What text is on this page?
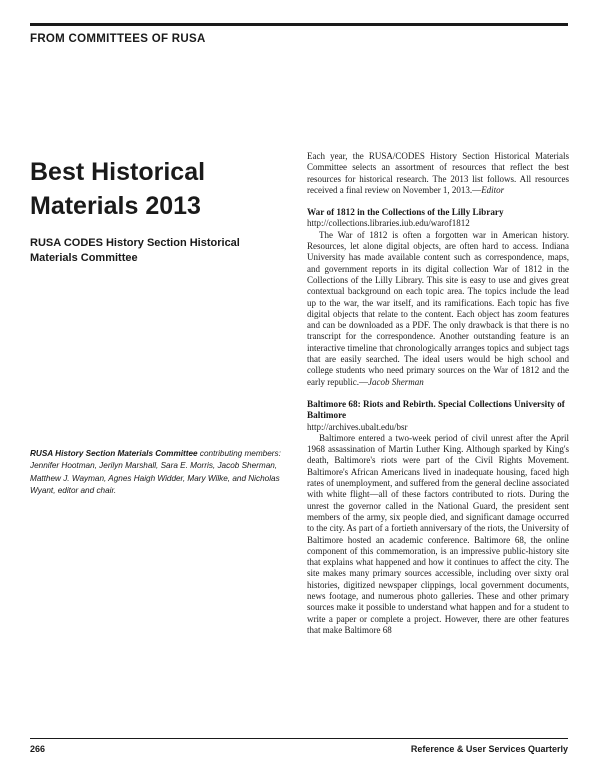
FROM COMMITTEES OF RUSA
Best Historical
Materials 2013
RUSA CODES History Section Historical
Materials Committee

RUSA History Section Materials Committee contributing members: Jennifer Hootman, Jerilyn Marshall, Sara E. Morris, Jacob Sherman, Matthew J. Wayman, Agnes Haigh Widder, Mary Wilke, and Nicholas Wyant, editor and chair.

Each year, the RUSA/CODES History Section Historical Materials Committee selects an assortment of resources that reflect the best resources for historical research. The 2013 list follows. All resources received a final review on November 1, 2013.—Editor

War of 1812 in the Collections of the Lilly Library

http://collections.libraries.iub.edu/warof1812

The War of 1812 is often a forgotten war in American history. Resources, let alone digital objects, are often hard to access. Indiana University has made available content such as correspondence, maps, and government reports in its digital collection War of 1812 in the Collections of the Lilly Library. This site is easy to use and gives great contextual background on each topic area. The topics include the lead up to the war, the war itself, and its ramifications. Each topic has five digital objects that relate to the content. Each object has zoom features and can be downloaded as a PDF. The only drawback is that there is no transcript for the correspondence. Another outstanding feature is an interactive timeline that chronologically arranges topics and subject tags that are easily searched. The ideal users would be high school and college students who need primary sources on the War of 1812 and the early republic.—Jacob Sherman

Baltimore 68: Riots and Rebirth. Special Collections University of Baltimore

http://archives.ubalt.edu/bsr

Baltimore entered a two-week period of civil unrest after the April 1968 assassination of Martin Luther King. Although sparked by King's death, Baltimore's riots were part of the Civil Rights Movement. Baltimore's African Americans lived in inadequate housing, faced high rates of unemployment, and suffered from the general decline associated with white flight—all of these factors contributed to riots. During the unrest the governor called in the National Guard, the president sent members of the army, six people died, and significant damage occurred to the city. As part of a fortieth anniversary of the riots, the University of Baltimore hosted an academic conference. Baltimore 68, the online component of this commemoration, is an impressive public-history site that explains what happened and how it continues to affect the city. The site makes many primary sources accessible, including over sixty oral histories, digitized newspaper clippings, local government documents, news footage, and numerous photo galleries. These and other primary sources make it possible to understand what happen and for a student to write a paper or complete a project. However, there are other features that make Baltimore 68

266	Reference & User Services Quarterly
